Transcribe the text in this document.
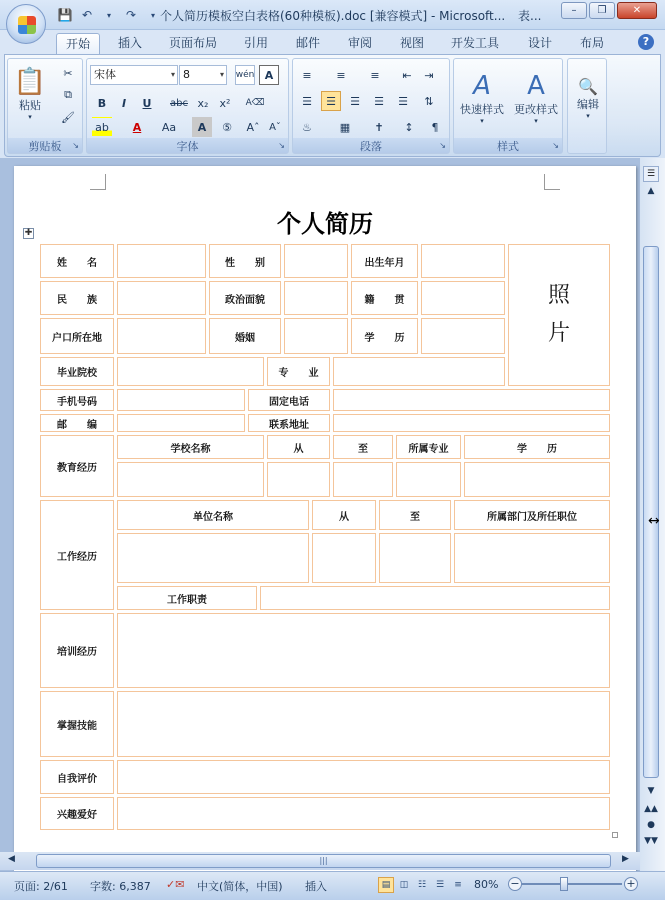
💾 ↶	▾	↷	▾ 个人简历模板空白表格(60种模板).doc [兼容模式] - Microsoft... 表...	–	❐	✕
开始	插入	页面布局	引用	邮件	审阅	视图	开发工具	设计	布局	?
📋
粘贴
▾
✂
⧉
🖌
剪贴板 ↘
宋体	▾ 8	▾ wén A
B	I	U	abc x₂	x²	A⌫
ab	A	Aa	A	⑤	Aˆ Aˇ
字体	↘
≡	≡	≡	⇤	⇥
☰	☰	☰	☰	☰	⇅
♨	▦	✝	↕	¶
段落	↘
A
快速样式
▾
A
更改样式
▾
样式	↘
🔍
编辑
▾
个人简历
✚
姓　　名	性　　别	出生年月
照
片
民　　族	政治面貌	籍　　贯
户口所在地	婚姻	学　　历
毕业院校	专　　业
手机号码	固定电话
邮　　编	联系地址
教育经历
学校名称	从	至	所属专业	学　　历
工作经历
单位名称	从	至	所属部门及所任职位
工作职责
培训经历
掌握技能
自我评价
兴趣爱好
☰
▲
▼
▲▲
●
▼▼
↔
◀	|||	▶
页面: 2/61 字数: 6,387 ✓✉ 中文(简体，中国) 插入	▤	◫	☷	☰	≡	80% −	+
